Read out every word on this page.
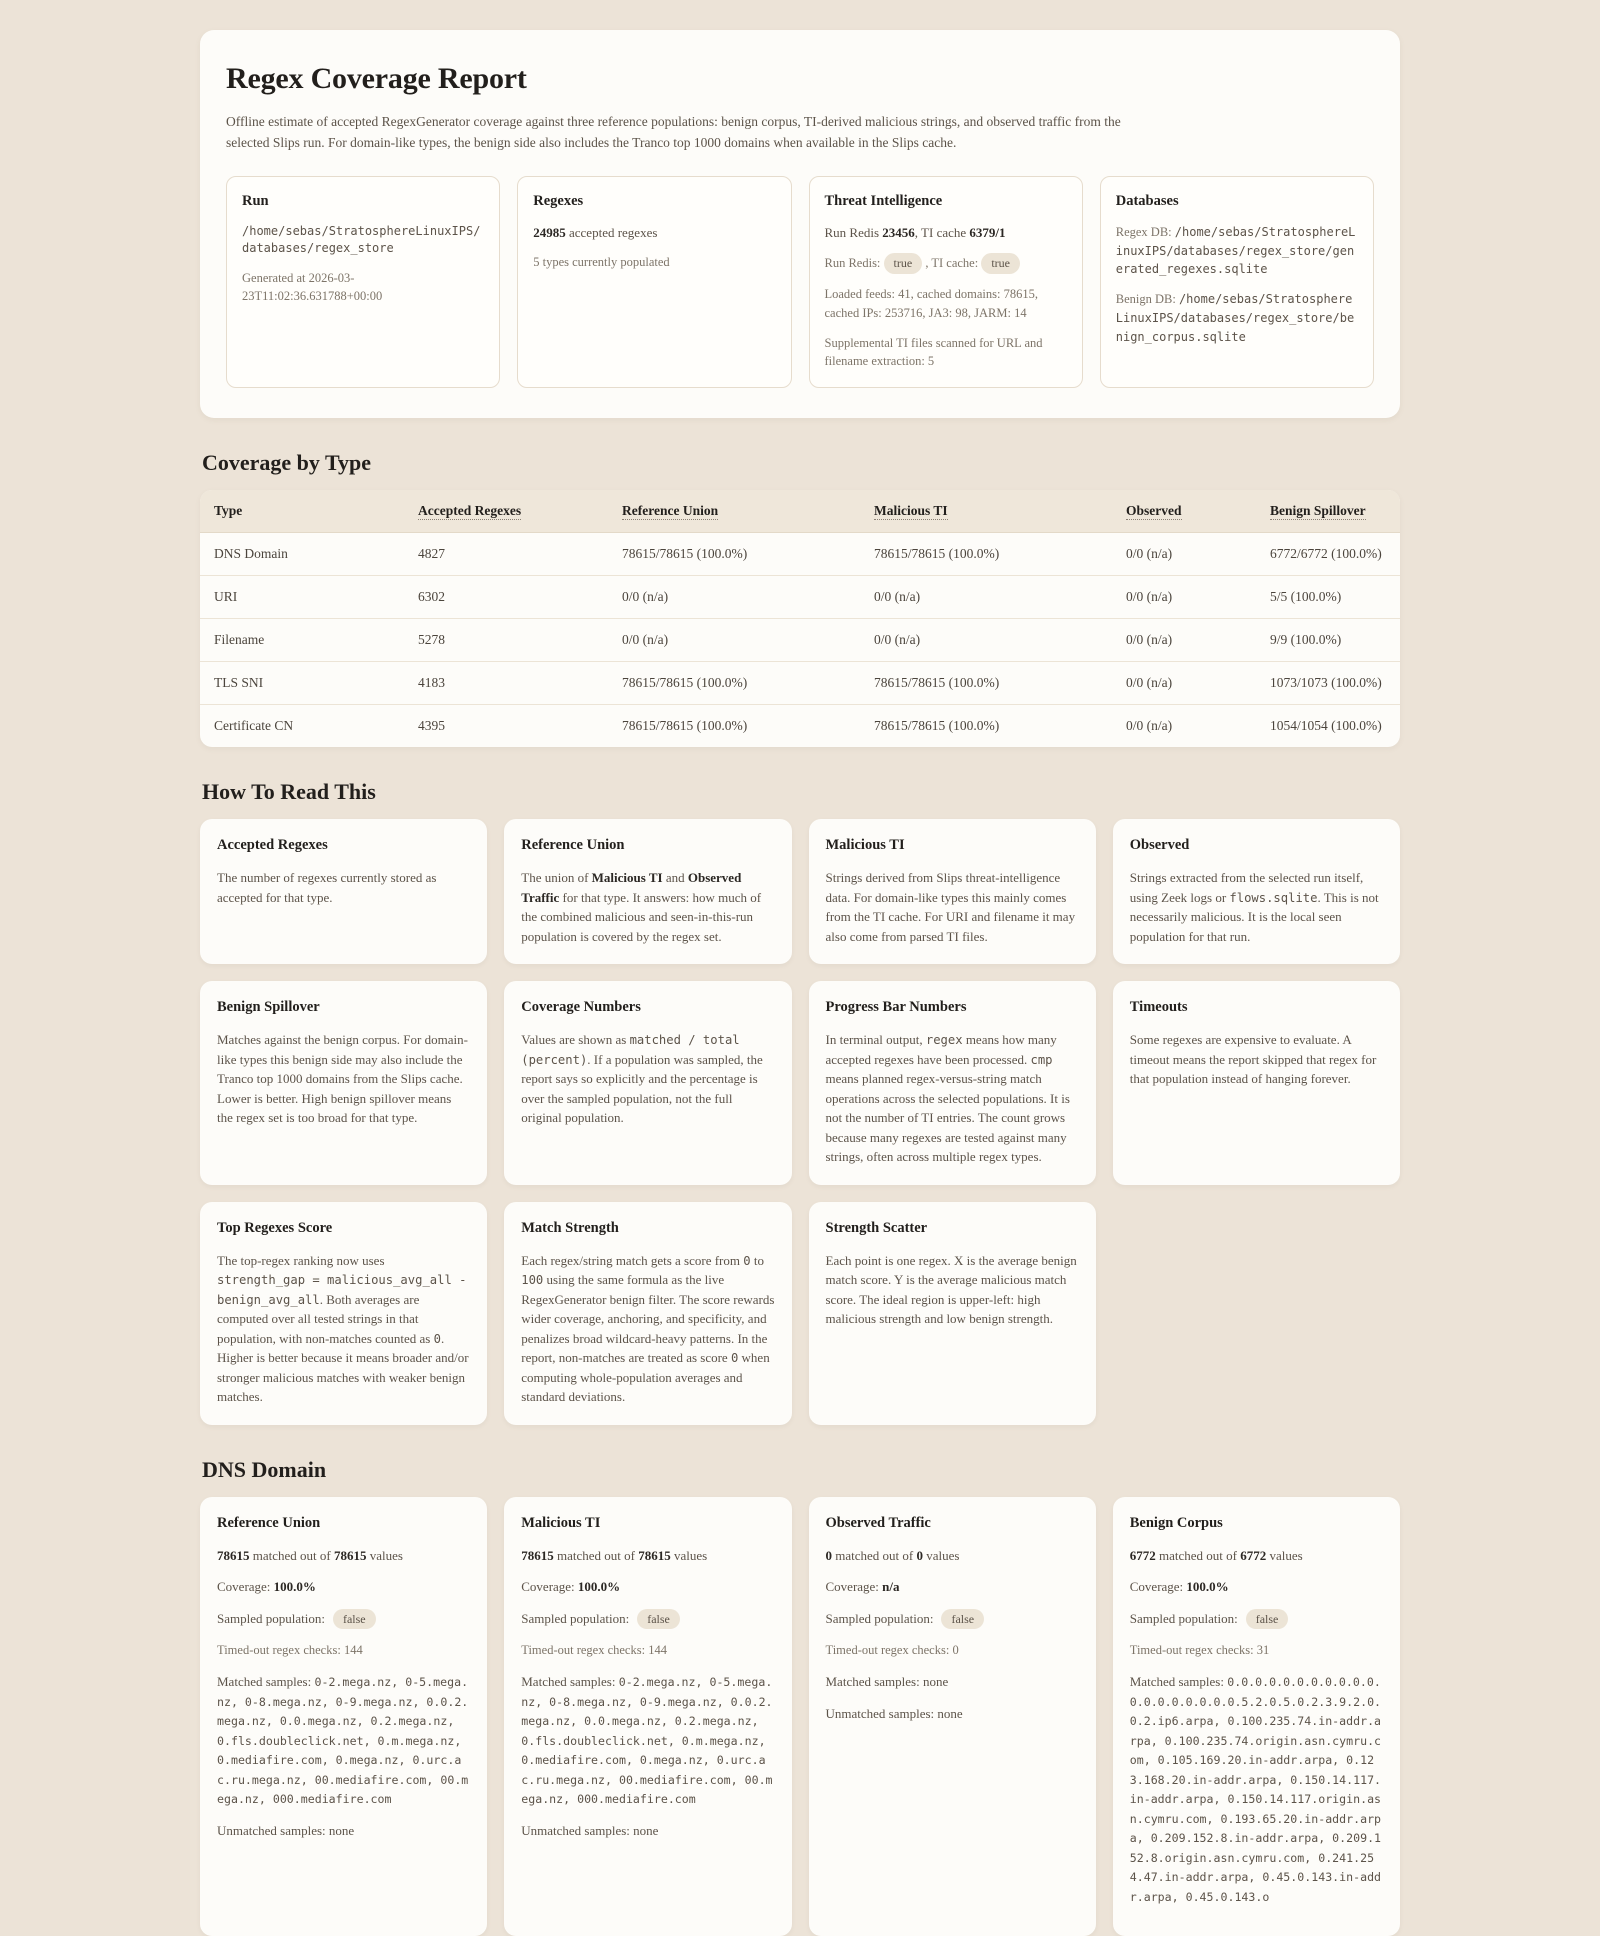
Regex Coverage Report

Offline estimate of accepted RegexGenerator coverage against three reference populations: benign corpus, TI-derived malicious strings, and observed traffic from the selected Slips run. For domain-like types, the benign side also includes the Tranco top 1000 domains when available in the Slips cache.

Run

/home/sebas/StratosphereLinuxIPS/databases/regex_store

Generated at 2026-03-23T11:02:36.631788+00:00

Regexes

24985 accepted regexes

5 types currently populated

Threat Intelligence

Run Redis 23456, TI cache 6379/1

Run Redis: true , TI cache: true

Loaded feeds: 41, cached domains: 78615, cached IPs: 253716, JA3: 98, JARM: 14

Supplemental TI files scanned for URL and filename extraction: 5

Databases

Regex DB: /home/sebas/StratosphereLinuxIPS/databases/regex_store/generated_regexes.sqlite

Benign DB: /home/sebas/StratosphereLinuxIPS/databases/regex_store/benign_corpus.sqlite

Coverage by Type
Type	Accepted Regexes	Reference Union	Malicious TI	Observed	Benign Spillover
DNS Domain	4827	78615/78615 (100.0%)	78615/78615 (100.0%)	0/0 (n/a)	6772/6772 (100.0%)
URI	6302	0/0 (n/a)	0/0 (n/a)	0/0 (n/a)	5/5 (100.0%)
Filename	5278	0/0 (n/a)	0/0 (n/a)	0/0 (n/a)	9/9 (100.0%)
TLS SNI	4183	78615/78615 (100.0%)	78615/78615 (100.0%)	0/0 (n/a)	1073/1073 (100.0%)
Certificate CN	4395	78615/78615 (100.0%)	78615/78615 (100.0%)	0/0 (n/a)	1054/1054 (100.0%)
How To Read This
Accepted Regexes

The number of regexes currently stored as accepted for that type.

Reference Union

The union of Malicious TI and Observed Traffic for that type. It answers: how much of the combined malicious and seen-in-this-run population is covered by the regex set.

Malicious TI

Strings derived from Slips threat-intelligence data. For domain-like types this mainly comes from the TI cache. For URI and filename it may also come from parsed TI files.

Observed

Strings extracted from the selected run itself, using Zeek logs or flows.sqlite. This is not necessarily malicious. It is the local seen population for that run.

Benign Spillover

Matches against the benign corpus. For domain-like types this benign side may also include the Tranco top 1000 domains from the Slips cache. Lower is better. High benign spillover means the regex set is too broad for that type.

Coverage Numbers

Values are shown as matched / total (percent). If a population was sampled, the report says so explicitly and the percentage is over the sampled population, not the full original population.

Progress Bar Numbers

In terminal output, regex means how many accepted regexes have been processed. cmp means planned regex-versus-string match operations across the selected populations. It is not the number of TI entries. The count grows because many regexes are tested against many strings, often across multiple regex types.

Timeouts

Some regexes are expensive to evaluate. A timeout means the report skipped that regex for that population instead of hanging forever.

Top Regexes Score

The top-regex ranking now uses strength_gap = malicious_avg_all - benign_avg_all. Both averages are computed over all tested strings in that population, with non-matches counted as 0. Higher is better because it means broader and/or stronger malicious matches with weaker benign matches.

Match Strength

Each regex/string match gets a score from 0 to 100 using the same formula as the live RegexGenerator benign filter. The score rewards wider coverage, anchoring, and specificity, and penalizes broad wildcard-heavy patterns. In the report, non-matches are treated as score 0 when computing whole-population averages and standard deviations.

Strength Scatter

Each point is one regex. X is the average benign match score. Y is the average malicious match score. The ideal region is upper-left: high malicious strength and low benign strength.

DNS Domain
Reference Union

78615 matched out of 78615 values

Coverage: 100.0%

Sampled population:	false

Timed-out regex checks: 144

Matched samples: 0-2.mega.nz, 0-5.mega.nz, 0-8.mega.nz, 0-9.mega.nz, 0.0.2.mega.nz, 0.0.mega.nz, 0.2.mega.nz, 0.fls.doubleclick.net, 0.m.mega.nz, 0.mediafire.com, 0.mega.nz, 0.urc.ac.ru.mega.nz, 00.mediafire.com, 00.mega.nz, 000.mediafire.com

Unmatched samples: none

Malicious TI

78615 matched out of 78615 values

Coverage: 100.0%

Sampled population:	false

Timed-out regex checks: 144

Matched samples: 0-2.mega.nz, 0-5.mega.nz, 0-8.mega.nz, 0-9.mega.nz, 0.0.2.mega.nz, 0.0.mega.nz, 0.2.mega.nz, 0.fls.doubleclick.net, 0.m.mega.nz, 0.mediafire.com, 0.mega.nz, 0.urc.ac.ru.mega.nz, 00.mediafire.com, 00.mega.nz, 000.mediafire.com

Unmatched samples: none

Observed Traffic

0 matched out of 0 values

Coverage: n/a

Sampled population:	false

Timed-out regex checks: 0

Matched samples: none

Unmatched samples: none

Benign Corpus

6772 matched out of 6772 values

Coverage: 100.0%

Sampled population:	false

Timed-out regex checks: 31

Matched samples: 0.0.0.0.0.0.0.0.0.0.0.0.0.0.0.0.0.0.0.5.2.0.5.0.2.3.9.2.0.0.2.ip6.arpa, 0.100.235.74.in-addr.arpa, 0.100.235.74.origin.asn.cymru.com, 0.105.169.20.in-addr.arpa, 0.123.168.20.in-addr.arpa, 0.150.14.117.in-addr.arpa, 0.150.14.117.origin.asn.cymru.com, 0.193.65.20.in-addr.arpa, 0.209.152.8.in-addr.arpa, 0.209.152.8.origin.asn.cymru.com, 0.241.254.47.in-addr.arpa, 0.45.0.143.in-addr.arpa, 0.45.0.143.o
